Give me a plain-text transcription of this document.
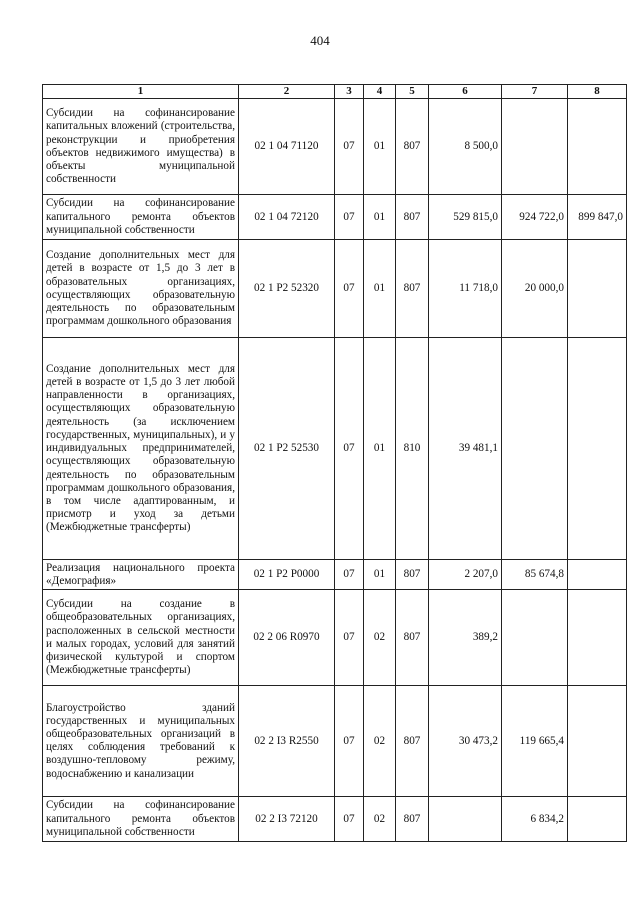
404
1	2	3	4	5	6	7	8
Субсидии на софинансирование капитальных вложений (строительства, реконструкции и приобретения объектов недвижимого имущества) в объекты муниципальной собственности	02 1 04 71120	07	01	807	8 500,0		
Субсидии на софинансирование капитального ремонта объектов муниципальной собственности	02 1 04 72120	07	01	807	529 815,0	924 722,0	899 847,0
Создание дополнительных мест для детей в возрасте от 1,5 до 3 лет в образовательных организациях, осуществляющих образовательную деятельность по образовательным программам дошкольного образования	02 1 P2 52320	07	01	807	11 718,0	20 000,0	
Создание дополнительных мест для детей в возрасте от 1,5 до 3 лет любой направленности в организациях, осуществляющих образовательную деятельность (за исключением государственных, муниципальных), и у индивидуальных предпринимателей, осуществляющих образовательную деятельность по образовательным программам дошкольного образования, в том числе адаптированным, и присмотр и уход за детьми (Межбюджетные трансферты)	02 1 P2 52530	07	01	810	39 481,1		
Реализация национального проекта «Демография»	02 1 P2 P0000	07	01	807	2 207,0	85 674,8	
Субсидии на создание в общеобразовательных организациях, расположенных в сельской местности и малых городах, условий для занятий физической культурой и спортом (Межбюджетные трансферты)	02 2 06 R0970	07	02	807	389,2		
Благоустройство зданий государственных и муниципальных общеобразовательных организаций в целях соблюдения требований к воздушно-тепловому режиму, водоснабжению и канализации	02 2 I3 R2550	07	02	807	30 473,2	119 665,4	
Субсидии на софинансирование капитального ремонта объектов муниципальной собственности	02 2 I3 72120	07	02	807		6 834,2	
